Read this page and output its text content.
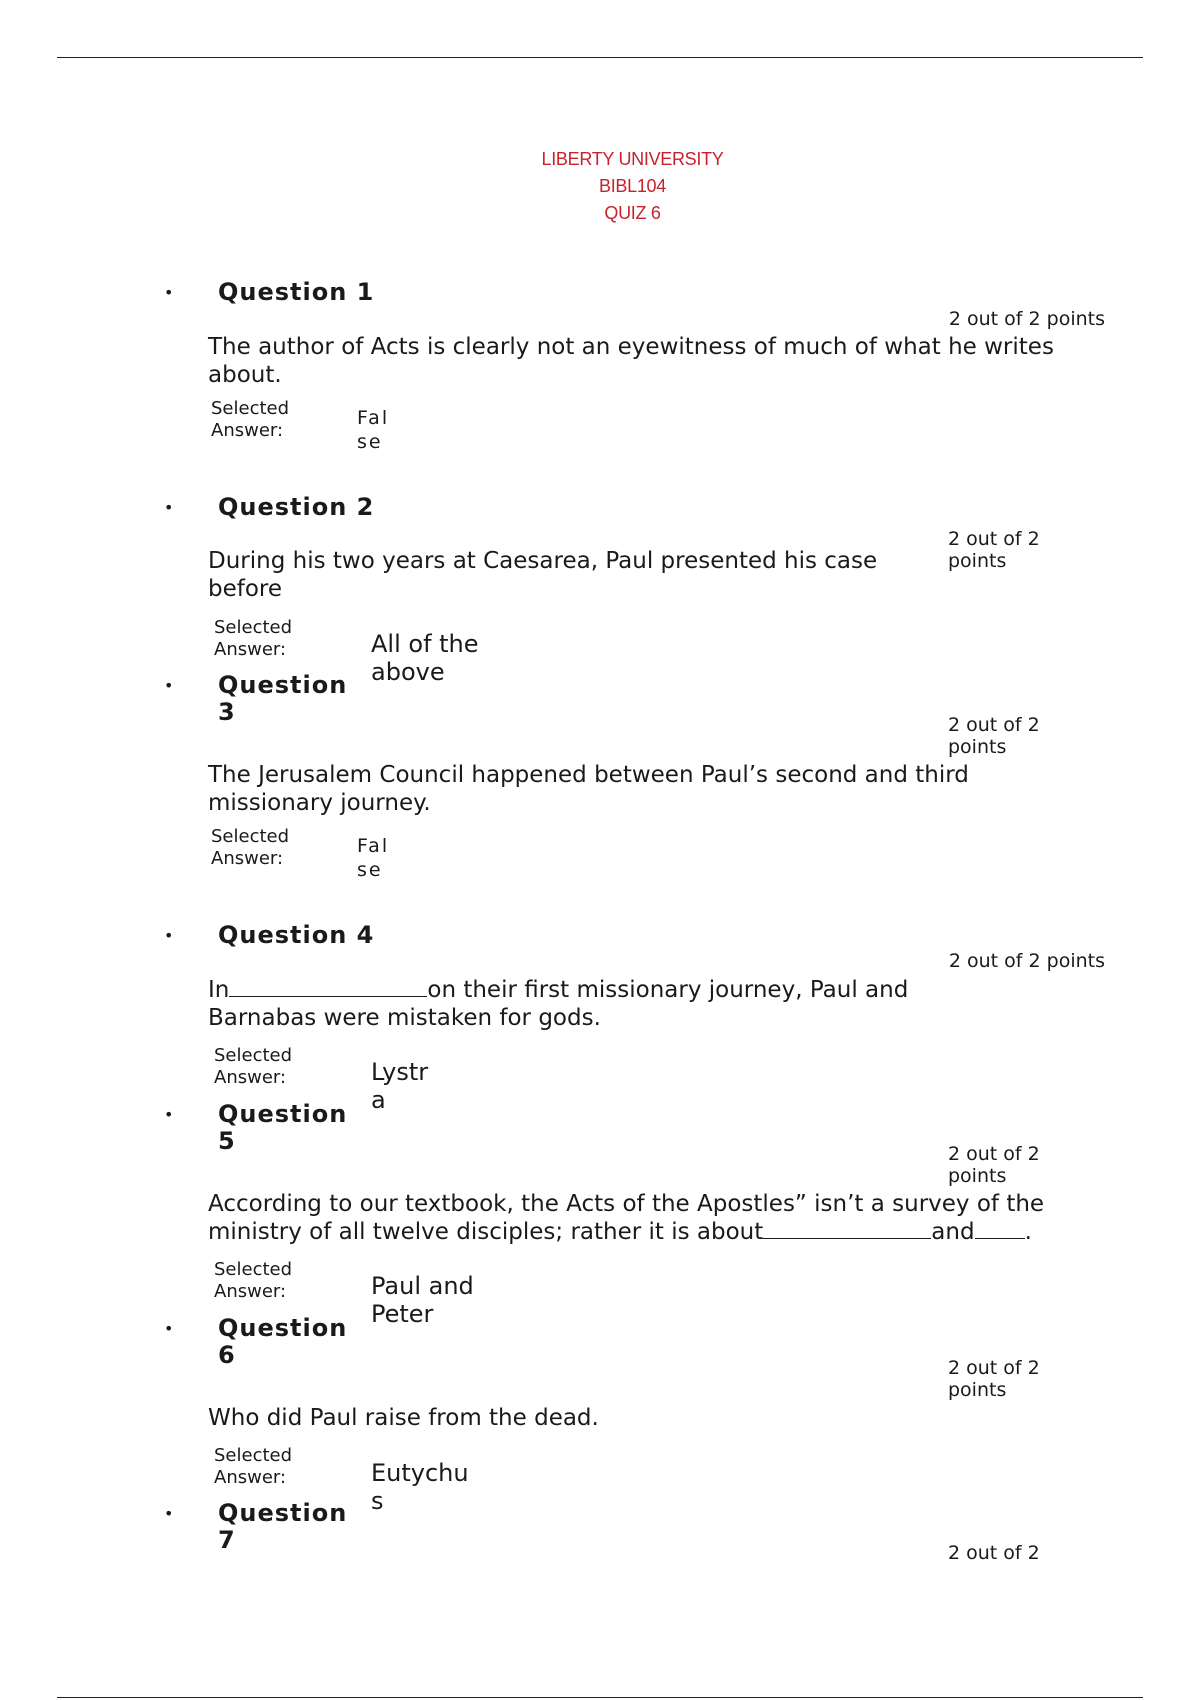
LIBERTY UNIVERSITY
BIBL104
QUIZ 6
• Question 1
2 out of 2 points
The author of Acts is clearly not an eyewitness of much of what he writes about.
Selected Answer:
False
• Question 2
2 out of 2 points
During his two years at Caesarea, Paul presented his case before
Selected Answer:	All of the above
• Question 3	2 out of 2 points
The Jerusalem Council happened between Paul’s second and third missionary journey.
Selected Answer:
False
• Question 4
2 out of 2 points
In	on their first missionary journey, Paul and Barnabas were mistaken for gods.
Selected Answer:	Lystra
• Question 5	2 out of 2 points
According to our textbook, the Acts of the Apostles” isn’t a survey of the ministry of all twelve disciples; rather it is about	and .
Selected Answer:	Paul and Peter
• Question 6	2 out of 2 points
Who did Paul raise from the dead.
Selected Answer:	Eutychus
• Question 7	2 out of 2
